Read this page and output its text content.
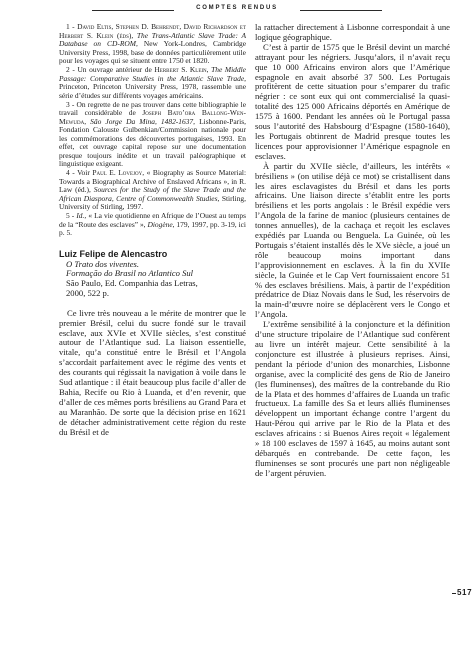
COMPTES RENDUS

1 - David Eltis, Stephen D. Behrendt, David Richardson et Herbert S. Klein (éds), The Trans-Atlantic Slave Trade: A Database on CD-ROM, New York-Londres, Cambridge University Press, 1998, base de données particulièrement utile pour les voyages qui se situent entre 1750 et 1820.

2 - Un ouvrage antérieur de Herbert S. Klein, The Middle Passage: Comparative Studies in the Atlantic Slave Trade, Princeton, Princeton University Press, 1978, rassemble une série d’études sur différents voyages américains.

3 - On regrette de ne pas trouver dans cette bibliographie le travail considérable de Joseph Bato’ora Ballong-Wen-Mewuda, São Jorge Da Mina, 1482-1637, Lisbonne-Paris, Fondation Calouste Gulbenkian/Commission nationale pour les commémorations des découvertes portugaises, 1993. En effet, cet ouvrage capital repose sur une documentation presque toujours inédite et un travail paléographique et linguistique exigeant.

4 - Voir Paul E. Lovejoy, « Biography as Source Material: Towards a Biographical Archive of Enslaved Africans », in R. Law (éd.), Sources for the Study of the Slave Trade and the African Diaspora, Centre of Commonwealth Studies, Stirling, University of Stirling, 1997.

5 - Id., « La vie quotidienne en Afrique de l’Ouest au temps de la “Route des esclaves” », Diogène, 179, 1997, pp. 3-19, ici p. 5.

Luiz Felipe de Alencastro
O Trato dos viventes.
Formação do Brasil no Atlantico Sul
São Paulo, Ed. Companhia das Letras,
2000, 522 p.

Ce livre très nouveau a le mérite de montrer que le premier Brésil, celui du sucre fondé sur le travail esclave, aux XVIe et XVIIe siècles, s’est constitué autour de l’Atlantique sud. La liaison essentielle, vitale, qu’a constitué entre le Brésil et l’Angola s’accordait parfaitement avec le régime des vents et des courants qui régissait la navigation à voile dans le Sud atlantique : il était beaucoup plus facile d’aller de Bahia, Recife ou Rio à Luanda, et d’en revenir, que d’aller de ces mêmes ports brésiliens au Grand Para et au Maranhão. De sorte que la décision prise en 1621 de détacher administrativement cette région du reste du Brésil et de

la rattacher directement à Lisbonne correspondait à une logique géographique.

C’est à partir de 1575 que le Brésil devint un marché attrayant pour les négriers. Jusqu’alors, il n’avait reçu que 10 000 Africains environ alors que l’Amérique espagnole en avait absorbé 37 500. Les Portugais profitèrent de cette situation pour s’emparer du trafic négrier : ce sont eux qui ont commercialisé la quasi-totalité des 125 000 Africains déportés en Amérique de 1575 à 1600. Pendant les années où le Portugal passa sous l’autorité des Habsbourg d’Espagne (1580-1640), les Portugais obtinrent de Madrid presque toutes les licences pour approvisionner l’Amérique espagnole en esclaves.

À partir du XVIIe siècle, d’ailleurs, les intérêts « brésiliens » (on utilise déjà ce mot) se cristallisent dans les aires esclavagistes du Brésil et dans les ports africains. Une liaison directe s’établit entre les ports brésiliens et les ports angolais : le Brésil expédie vers l’Angola de la farine de manioc (plusieurs centaines de tonnes annuelles), de la cachaça et reçoit les esclaves expédiés par Luanda ou Benguela. La Guinée, où les Portugais s’étaient installés dès le XVe siècle, a joué un rôle beaucoup moins important dans l’approvisionnement en esclaves. À la fin du XVIIe siècle, la Guinée et le Cap Vert fournissaient encore 51 % des esclaves brésiliens. Mais, à partir de l’expédition prédatrice de Diaz Novais dans le Sud, les réservoirs de la main-d’œuvre noire se déplacèrent vers le Congo et l’Angola.

L’extrême sensibilité à la conjoncture et la définition d’une structure tripolaire de l’Atlantique sud confèrent au livre un intérêt majeur. Cette sensibilité à la conjoncture est illustrée à plusieurs reprises. Ainsi, pendant la période d’union des monarchies, Lisbonne organise, avec la complicité des gens de Rio de Janeiro (les fluminenses), des maîtres de la contrebande du Rio de la Plata et des hommes d’affaires de Luanda un trafic fructueux. La famille des Sa et leurs alliés fluminenses développent un important échange contre l’argent du Haut-Pérou qui arrive par le Rio de la Plata et des esclaves africains : si Buenos Aires reçoit « légalement » 18 100 esclaves de 1597 à 1645, au moins autant sont débarqués en contrebande. De cette façon, les fluminenses se sont procurés une part non négligeable de l’argent péruvien.

517
